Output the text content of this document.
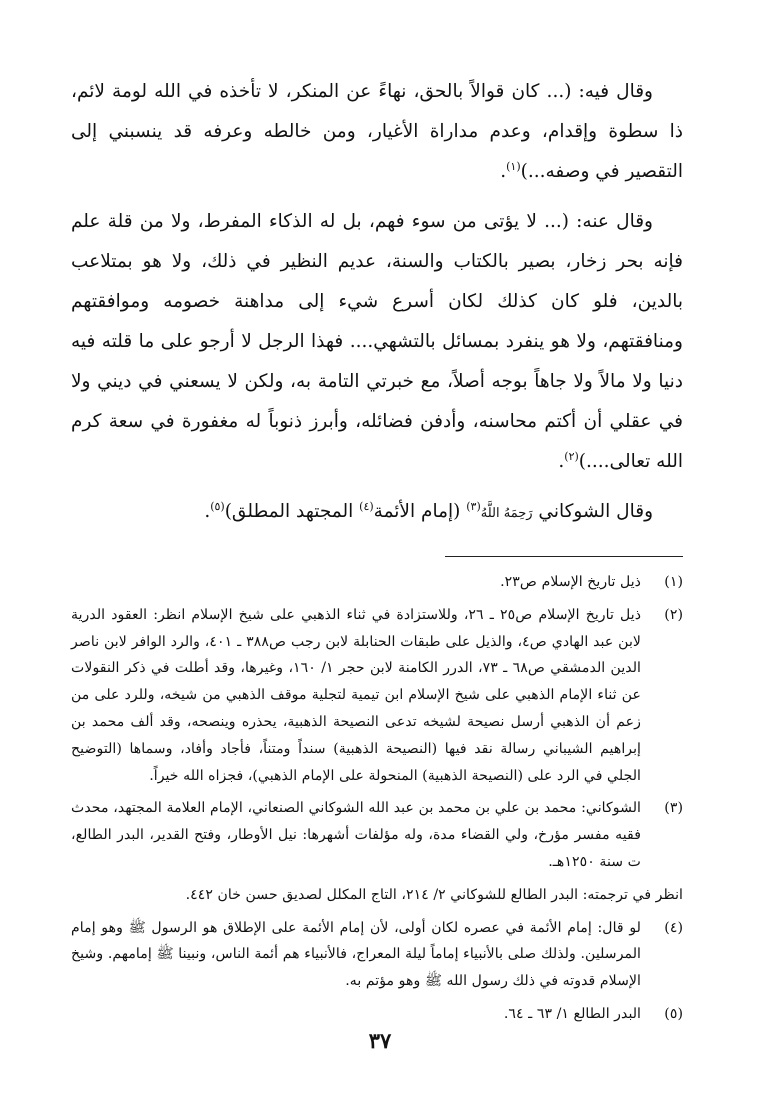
وقال فيه: (... كان قوالاً بالحق، نهاءً عن المنكر، لا تأخذه في الله لومة لائم، ذا سطوة وإقدام، وعدم مداراة الأغيار، ومن خالطه وعرفه قد ينسبني إلى التقصير في وصفه...)$^{(١)}$.

وقال عنه: (... لا يؤتى من سوء فهم، بل له الذكاء المفرط، ولا من قلة علم فإنه بحر زخار، بصير بالكتاب والسنة، عديم النظير في ذلك، ولا هو بمتلاعب بالدين، فلو كان كذلك لكان أسرع شيء إلى مداهنة خصومه وموافقتهم ومنافقتهم، ولا هو ينفرد بمسائل بالتشهي.... فهذا الرجل لا أرجو على ما قلته فيه دنيا ولا مالاً ولا جاهاً بوجه أصلاً، مع خبرتي التامة به، ولكن لا يسعني في ديني ولا في عقلي أن أكتم محاسنه، وأدفن فضائله، وأبرز ذنوباً له مغفورة في سعة كرم الله تعالى....)$^{(٢)}$.

وقال الشوكاني رَحِمَهُ اللَّهُ$^{(٣)}$ (إمام الأئمة$^{(٤)}$ المجتهد المطلق)$^{(٥)}$.

(١)
ذيل تاريخ الإسلام ص٢٣.
(٢)
ذيل تاريخ الإسلام ص٢٥ ـ ٢٦، وللاستزادة في ثناء الذهبي على شيخ الإسلام انظر: العقود الدرية لابن عبد الهادي ص٤، والذيل على طبقات الحنابلة لابن رجب ص٣٨٨ ـ ٤٠١، والرد الوافر لابن ناصر الدين الدمشقي ص٦٨ ـ ٧٣، الدرر الكامنة لابن حجر ١/ ١٦٠، وغيرها، وقد أطلت في ذكر النقولات عن ثناء الإمام الذهبي على شيخ الإسلام ابن تيمية لتجلية موقف الذهبي من شيخه، وللرد على من زعم أن الذهبي أرسل نصيحة لشيخه تدعى النصيحة الذهبية، يحذره وينصحه، وقد ألف محمد بن إبراهيم الشيباني رسالة نقد فيها (النصيحة الذهبية) سنداً ومتناً، فأجاد وأفاد، وسماها (التوضيح الجلي في الرد على (النصيحة الذهبية) المنحولة على الإمام الذهبي)، فجزاه الله خيراً.
(٣)
الشوكاني: محمد بن علي بن محمد بن عبد الله الشوكاني الصنعاني، الإمام العلامة المجتهد، محدث فقيه مفسر مؤرخ، ولي القضاء مدة، وله مؤلفات أشهرها: نيل الأوطار، وفتح القدير، البدر الطالع، ت سنة ١٢٥٠هـ.
انظر في ترجمته: البدر الطالع للشوكاني ٢/ ٢١٤، التاج المكلل لصديق حسن خان ٤٤٢.
(٤)
لو قال: إمام الأئمة في عصره لكان أولى، لأن إمام الأئمة على الإطلاق هو الرسول ﷺ وهو إمام المرسلين. ولذلك صلى بالأنبياء إماماً ليلة المعراج، فالأنبياء هم أئمة الناس، ونبينا ﷺ إمامهم. وشيخ الإسلام قدوته في ذلك رسول الله ﷺ وهو مؤتم به.
(٥)
البدر الطالع ١/ ٦٣ ـ ٦٤.
٣٧
